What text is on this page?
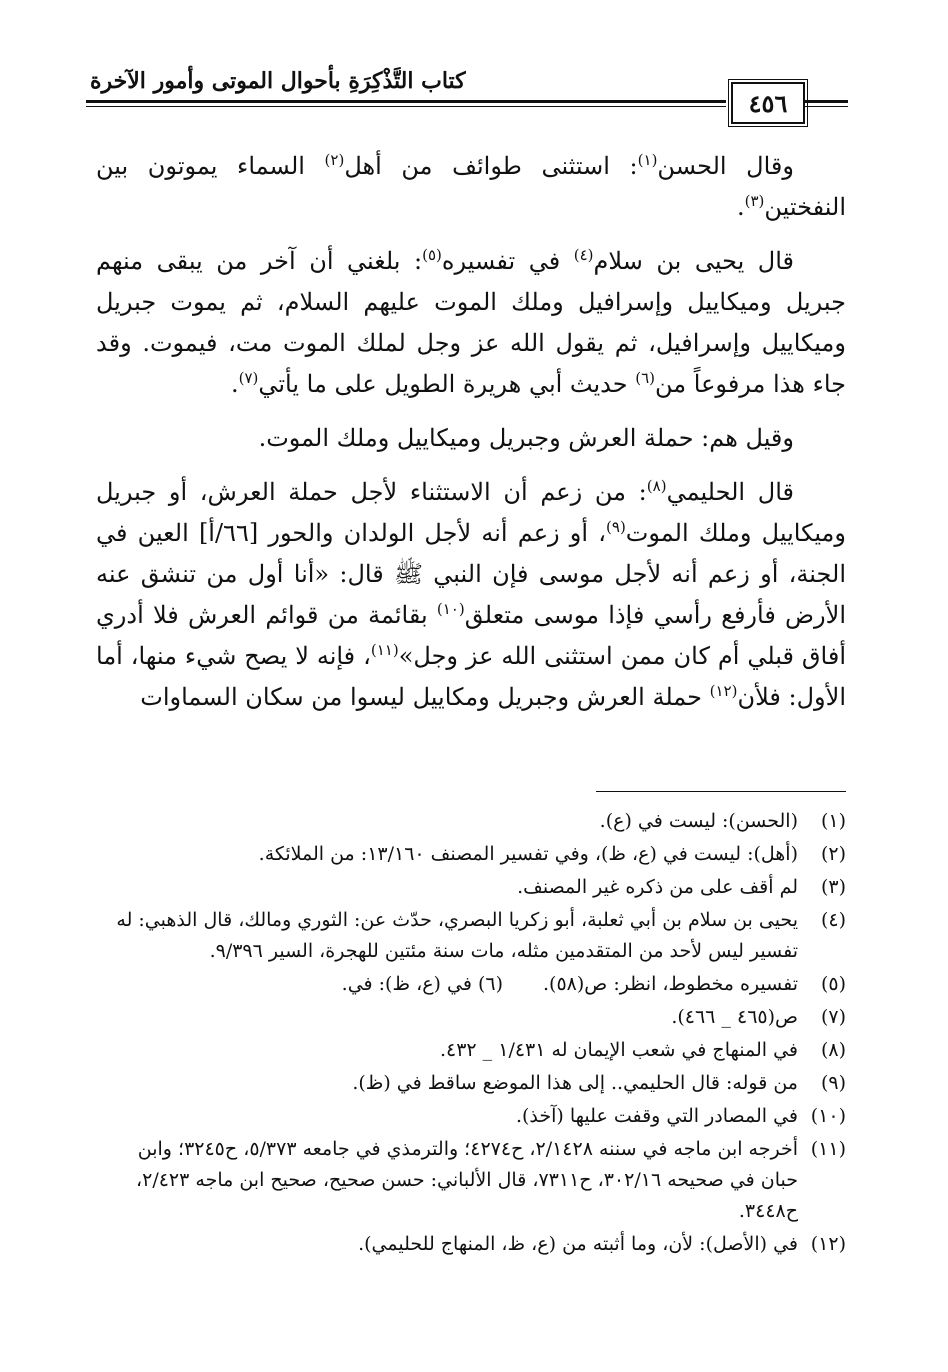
كتاب التَّذْكِرَةِ بأحوال الموتى وأمور الآخرة
٤٥٦

وقال الحسن$^{(١)}$: استثنى طوائف من أهل$^{(٢)}$ السماء يموتون بين النفختين$^{(٣)}$.

قال يحيى بن سلام$^{(٤)}$ في تفسيره$^{(٥)}$: بلغني أن آخر من يبقى منهم جبريل وميكاييل وإسرافيل وملك الموت عليهم السلام، ثم يموت جبريل وميكاييل وإسرافيل، ثم يقول الله عز وجل لملك الموت مت، فيموت. وقد جاء هذا مرفوعاً من$^{(٦)}$ حديث أبي هريرة الطويل على ما يأتي$^{(٧)}$.

وقيل هم: حملة العرش وجبريل وميكاييل وملك الموت.

قال الحليمي$^{(٨)}$: من زعم أن الاستثناء لأجل حملة العرش، أو جبريل وميكاييل وملك الموت$^{(٩)}$، أو زعم أنه لأجل الولدان والحور [٦٦/أ] العين في الجنة، أو زعم أنه لأجل موسى فإن النبي ﷺ قال: «أنا أول من تنشق عنه الأرض فأرفع رأسي فإذا موسى متعلق$^{(١٠)}$ بقائمة من قوائم العرش فلا أدري أفاق قبلي أم كان ممن استثنى الله عز وجل»$^{(١١)}$، فإنه لا يصح شيء منها، أما الأول: فلأن$^{(١٢)}$ حملة العرش وجبريل ومكاييل ليسوا من سكان السماوات

(١)
(الحسن): ليست في (ع).
(٢)
(أهل): ليست في (ع، ظ)، وفي تفسير المصنف ١٣/١٦٠: من الملائكة.
(٣)
لم أقف على من ذكره غير المصنف.
(٤)
يحيى بن سلام بن أبي ثعلبة، أبو زكريا البصري، حدّث عن: الثوري ومالك، قال الذهبي: له تفسير ليس لأحد من المتقدمين مثله، مات سنة مئتين للهجرة، السير ٩/٣٩٦.
(٥)
تفسيره مخطوط، انظر: ص(٥٨).(٦) في (ع، ظ): في.
(٧)
ص(٤٦٥ _ ٤٦٦).
(٨)
في المنهاج في شعب الإيمان له ١/٤٣١ _ ٤٣٢.
(٩)
من قوله: قال الحليمي.. إلى هذا الموضع ساقط في (ظ).
(١٠)
في المصادر التي وقفت عليها (آخذ).
(١١)
أخرجه ابن ماجه في سننه ٢/١٤٢٨، ح٤٢٧٤؛ والترمذي في جامعه ٥/٣٧٣، ح٣٢٤٥؛ وابن حبان في صحيحه ٣٠٢/١٦، ح٧٣١١، قال الألباني: حسن صحيح، صحيح ابن ماجه ٢/٤٢٣، ح٣٤٤٨.
(١٢)
في (الأصل): لأن، وما أثبته من (ع، ظ، المنهاج للحليمي).
